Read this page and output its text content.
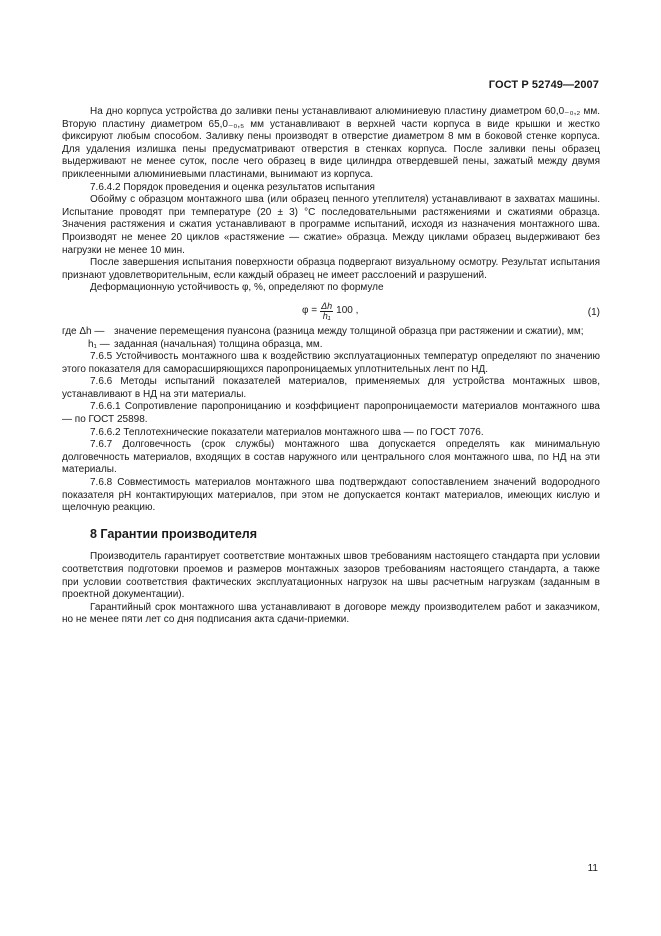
ГОСТ Р 52749—2007

На дно корпуса устройства до заливки пены устанавливают алюминиевую пластину диаметром 60,0₋₀,₂ мм. Вторую пластину диаметром 65,0₋₀,₅ мм устанавливают в верхней части корпуса в виде крышки и жестко фиксируют любым способом. Заливку пены производят в отверстие диаметром 8 мм в боковой стенке корпуса. Для удаления излишка пены предусматривают отверстия в стенках корпуса. После заливки пены образец выдерживают не менее суток, после чего образец в виде цилиндра отвердевшей пены, зажатый между двумя приклеенными алюминиевыми пластинами, вынимают из корпуса.

7.6.4.2 Порядок проведения и оценка результатов испытания

Обойму с образцом монтажного шва (или образец пенного утеплителя) устанавливают в захватах машины. Испытание проводят при температуре (20 ± 3) °С последовательными растяжениями и сжатиями образца. Значения растяжения и сжатия устанавливают в программе испытаний, исходя из назначения монтажного шва. Производят не менее 20 циклов «растяжение — сжатие» образца. Между циклами образец выдерживают без нагрузки не менее 10 мин.

После завершения испытания поверхности образца подвергают визуальному осмотру. Результат испытания признают удовлетворительным, если каждый образец не имеет расслоений и разрушений.

Деформационную устойчивость φ, %, определяют по формуле

$\varphi = \frac{\Delta h}{\text{h₁}} 100$ ,	(1)
где Δh — значение перемещения пуансона (разница между толщиной образца при растяжении и сжатии), мм;
h₁ — заданная (начальная) толщина образца, мм.

7.6.5 Устойчивость монтажного шва к воздействию эксплуатационных температур определяют по значению этого показателя для саморасширяющихся паропроницаемых уплотнительных лент по НД.

7.6.6 Методы испытаний показателей материалов, применяемых для устройства монтажных швов, устанавливают в НД на эти материалы.

7.6.6.1 Сопротивление паропроницанию и коэффициент паропроницаемости материалов монтажного шва — по ГОСТ 25898.

7.6.6.2 Теплотехнические показатели материалов монтажного шва — по ГОСТ 7076.

7.6.7 Долговечность (срок службы) монтажного шва допускается определять как минимальную долговечность материалов, входящих в состав наружного или центрального слоя монтажного шва, по НД на эти материалы.

7.6.8 Совместимость материалов монтажного шва подтверждают сопоставлением значений водородного показателя рН контактирующих материалов, при этом не допускается контакт материалов, имеющих кислую и щелочную реакцию.

8 Гарантии производителя

Производитель гарантирует соответствие монтажных швов требованиям настоящего стандарта при условии соответствия подготовки проемов и размеров монтажных зазоров требованиям настоящего стандарта, а также при условии соответствия фактических эксплуатационных нагрузок на швы расчетным нагрузкам (заданным в проектной документации).

Гарантийный срок монтажного шва устанавливают в договоре между производителем работ и заказчиком, но не менее пяти лет со дня подписания акта сдачи-приемки.

11
